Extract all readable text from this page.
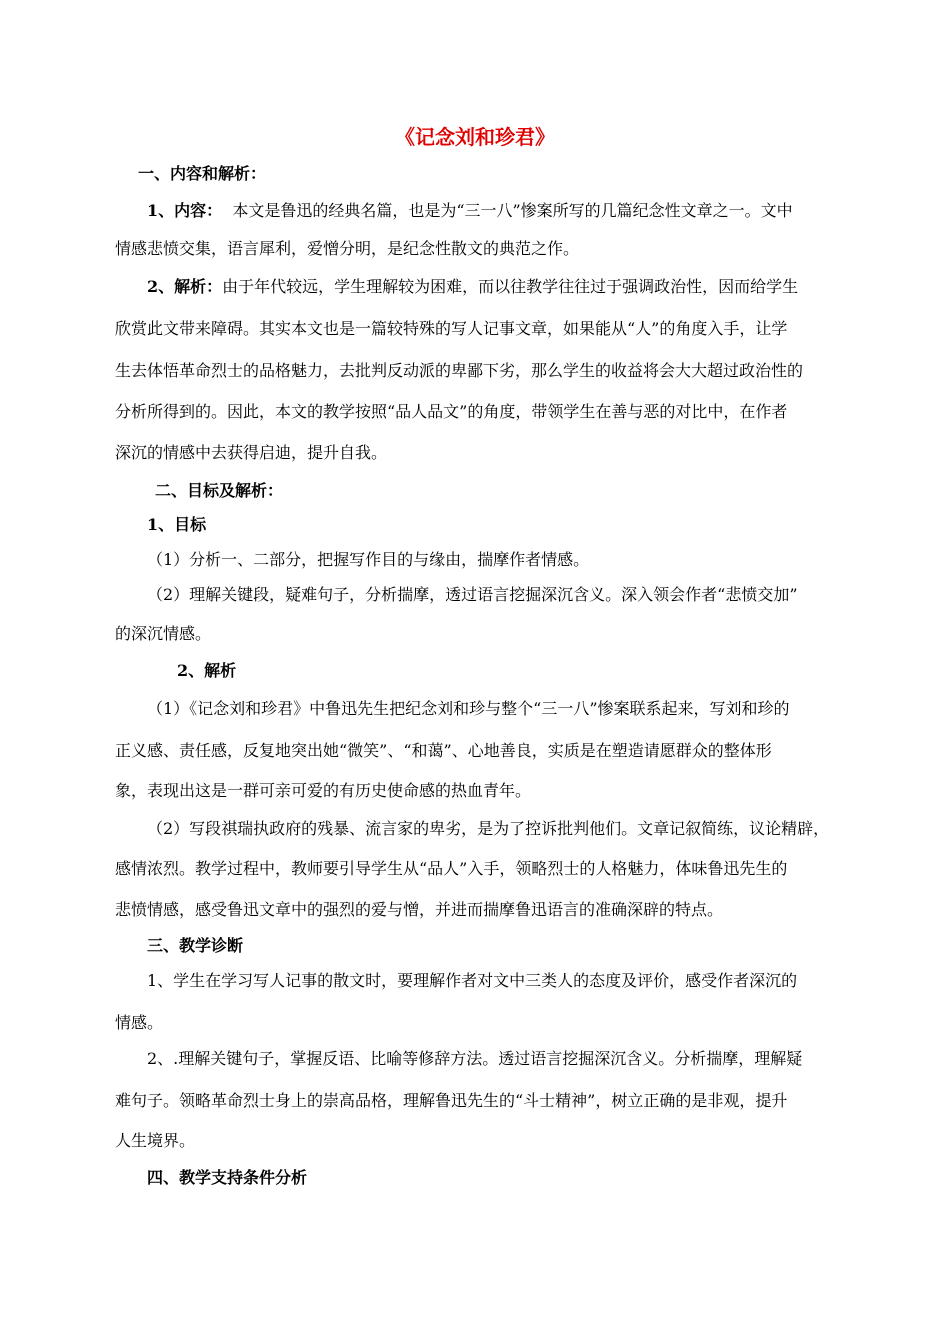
《记念刘和珍君》
一、内容和解析：
1、内容： 本文是鲁迅的经典名篇，也是为“三一八”惨案所写的几篇纪念性文章之一。文中
情感悲愤交集，语言犀利，爱憎分明，是纪念性散文的典范之作。
2、解析：由于年代较远，学生理解较为困难，而以往教学往往过于强调政治性，因而给学生
欣赏此文带来障碍。其实本文也是一篇较特殊的写人记事文章，如果能从“人”的角度入手，让学
生去体悟革命烈士的品格魅力，去批判反动派的卑鄙下劣，那么学生的收益将会大大超过政治性的
分析所得到的。因此，本文的教学按照“品人品文”的角度，带领学生在善与恶的对比中，在作者
深沉的情感中去获得启迪，提升自我。
二、目标及解析：
1、目标
（1）分析一、二部分，把握写作目的与缘由，揣摩作者情感。
（2）理解关键段，疑难句子，分析揣摩，透过语言挖掘深沉含义。深入领会作者“悲愤交加”
的深沉情感。
2、解析
（1）《记念刘和珍君》中鲁迅先生把纪念刘和珍与整个“三一八”惨案联系起来，写刘和珍的
正义感、责任感，反复地突出她“微笑”、“和蔼”、心地善良，实质是在塑造请愿群众的整体形
象，表现出这是一群可亲可爱的有历史使命感的热血青年。
（2）写段祺瑞执政府的残暴、流言家的卑劣，是为了控诉批判他们。文章记叙简练，议论精辟，
感情浓烈。教学过程中，教师要引导学生从“品人”入手，领略烈士的人格魅力，体味鲁迅先生的
悲愤情感，感受鲁迅文章中的强烈的爱与憎，并进而揣摩鲁迅语言的准确深辟的特点。
三、教学诊断
1、学生在学习写人记事的散文时，要理解作者对文中三类人的态度及评价，感受作者深沉的
情感。
2、.理解关键句子，掌握反语、比喻等修辞方法。透过语言挖掘深沉含义。分析揣摩，理解疑
难句子。领略革命烈士身上的崇高品格，理解鲁迅先生的“斗士精神”，树立正确的是非观，提升
人生境界。
四、教学支持条件分析
